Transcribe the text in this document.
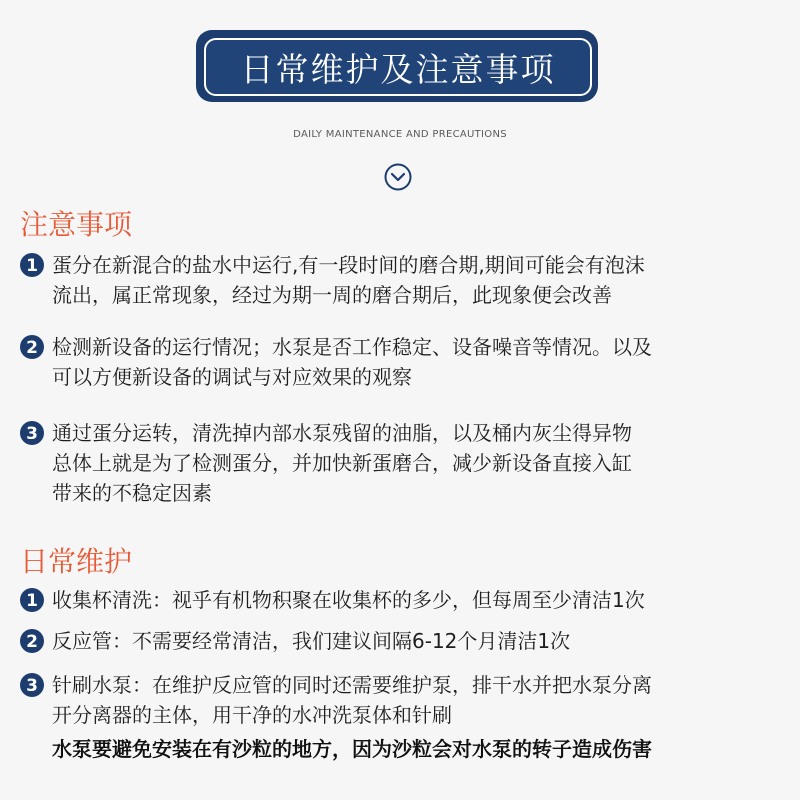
日常维护及注意事项
DAILY MAINTENANCE AND PRECAUTIONS
注意事项
1 蛋分在新混合的盐水中运行,有一段时间的磨合期,期间可能会有泡沫
流出，属正常现象，经过为期一周的磨合期后，此现象便会改善
2 检测新设备的运行情况；水泵是否工作稳定、设备噪音等情况。以及
可以方便新设备的调试与对应效果的观察
3 通过蛋分运转，清洗掉内部水泵残留的油脂，以及桶内灰尘得异物
总体上就是为了检测蛋分，并加快新蛋磨合，减少新设备直接入缸
带来的不稳定因素
日常维护
1 收集杯清洗：视乎有机物积聚在收集杯的多少，但每周至少清洁1次
2 反应管：不需要经常清洁，我们建议间隔6-12个月清洁1次
3 针刷水泵：在维护反应管的同时还需要维护泵，排干水并把水泵分离
开分离器的主体，用干净的水冲洗泵体和针刷
水泵要避免安装在有沙粒的地方，因为沙粒会对水泵的转子造成伤害
